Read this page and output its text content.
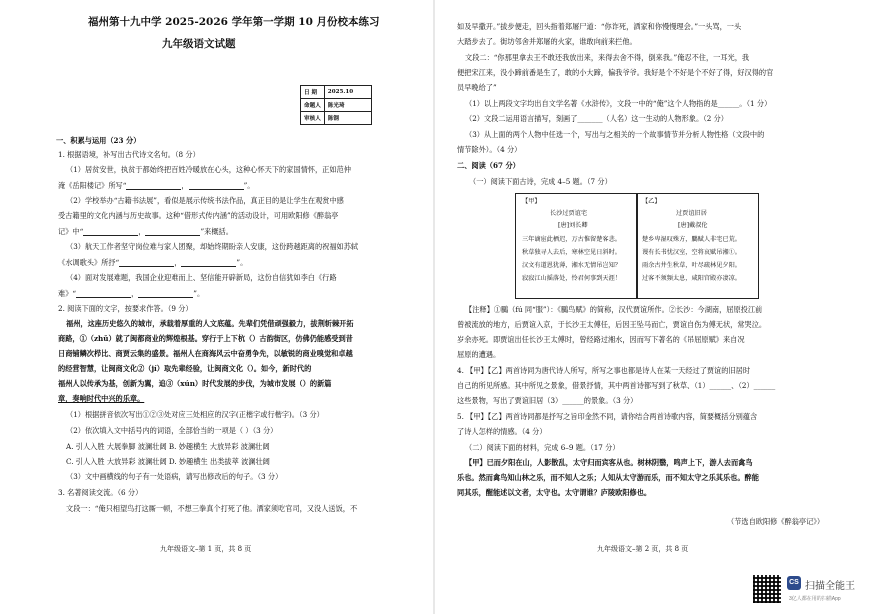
福州第十九中学 2025-2026 学年第一学期 10 月份校本练习
九年级语文试题
日 期	2025.10
命题人	陈光琦
审核人	陈钢
一、积累与运用（23 分）
1. 根据语境，补写出古代诗文名句。（8 分）
（1）居贫安世，执贫于都始终把百姓冷暖放在心头，这种心怀天下的家国情怀，正如范仲
淹《岳阳楼记》所写“	，	”。
（2）学校举办“古籍书法展”，看似是展示传统书法作品，真正目的是让学生在观赏中感
受古籍里的文化内涵与历史故事。这种“借形式传内涵”的活动设计，可用欧阳修《醉翁亭
记》中“	，	”来概括。
（3）航天工作者坚守岗位难与家人团聚，却始终期盼亲人安康，这份跨越距离的祝福如苏轼
《水调歌头》所抒“	，	”。
（4）面对发展难题，我国企业迎难而上、坚信能开辟新局，这份自信犹如李白《行路
难》“	，	”。
2. 阅读下面的文字，按要求作答。（9 分）
福州，这座历史悠久的城市，承载着厚重的人文底蕴。先辈们凭借顽强毅力，拔荆斩棘开拓
商路，①（zhǔ）就了闽都商业的辉煌根基。穿行于上下杭（）古韵街区，仿佛仍能感受到昔
日商铺鳞次栉比、商贾云集的盛景。福州人在商海风云中奋勇争先，以敏锐的商业嗅觉和卓越
的经营智慧，让闽商文化②（jí）取先辈经验，让闽商文化（）。如今，新时代的
福州人以传承为基，创新为翼，追③（xún）时代发展的步伐，为城市发展（）的新篇
章，奏响时代中兴的乐章。
（1）根据拼音依次写出①②③处对应三处相应的汉字(正楷字或行楷字)。（3 分）
（2）依次填入文中括号内的词语，全部恰当的一项是（ ）（3 分）
A. 引人入胜 大展拳脚 波澜壮阔 B. 妙趣横生 大放异彩 波澜壮阔
C. 引人入胜 大放异彩 波澜壮阔 D. 妙趣横生 出类拔萃 波澜壮阔
（3）文中画横线的句子有一处语病，请写出修改后的句子。（3 分）
3. 名著阅读交流。（6 分）
文段一：“俺只相望鸟打这厮一顿，不想三拳真个打死了他。洒家须吃官司，又没人送饭，不
九年级语文–第 1 页，共 8 页
如及早撒开。”拔步便走，回头指着郑屠尸道：“你诈死，洒家和你慢慢理会。”一头骂，一头
大踏步去了。街坊邻舍并郑屠的火家，谁敢向前来拦他。
文段二：“你那里拿去王不敢还我放出来，来得去舍不得，倒来我。”俺忍不住，一耳光，我
便把宋江来，没小蹄前番是生了，敢的小大蹄，偏我爷爷。我好是个不好是个不好了得，好汉得的官
员早晚给了”
（1）以上两段文字均出自文学名著《水浒传》，文段一中的“俺”这个人物指的是______。（1 分）
（2）文段二运用语言描写，刻画了_______（人名）这一生动的人物形象。（2 分）
（3）从上面的两个人物中任选一个，写出与之相关的一个故事情节并分析人物性格（文段中的
情节除外）。（4 分）
二、阅读（67 分）
（一）阅读下面古诗，完成 4–5 题。（7 分）
【甲】
长沙过贾谊宅
[唐]刘长卿
三年谪宦此栖迟，万古惟留楚客悲。
秋草独寻人去后，寒林空见日斜时。
汉文有道恩犹薄，湘水无情吊岂知？
寂寂江山摇落处，怜君何事到天涯！
【乙】
过贾谊旧居
[唐]戴叔伦
楚乡卑湿叹殊方，鵩赋人非宅已荒。
谩有长书忧汉室，空将哀赋吊湘①。
雨余古井生秋草，叶尽疏林见夕阳。
过客不须频太息，咸阳宫殿亦凄凉。
【注释】①鵩（fú 同“服”）：《鵩鸟赋》的简称，汉代贾谊所作。②长沙：今湖南，屈原投江前
曾被流放的地方，后贾谊入京，于长沙王太傅任，后因王坠马而亡，贾谊自伤为傅无状，常哭泣。
岁余亦死。即贾谊出任长沙王太傅时，曾经路过湘水，因而写下著名的《吊屈原赋》来自况
屈原的遭遇。
4. 【甲】【乙】两首诗同为唐代诗人所写，所写之事也都是诗人在某一天经过了贾谊的旧居时
自己的所见所感。其中所见之景象，借景抒情，其中两首诗都写到了秋草、（1）______、（2）______
这些景物，写出了贾谊旧居（3）______的景象。（3 分）
5. 【甲】【乙】两首诗同都是抒写之旨印金然不同，请你结合两首诗歌内容，简要概括分别蕴含
了诗人怎样的情感。（4 分）
（二）阅读下面的材料，完成 6–9 题。（17 分）
【甲】已而夕阳在山，人影散乱，太守归而宾客从也。树林阴翳，鸣声上下，游人去而禽鸟
乐也。然而禽鸟知山林之乐，而不知人之乐；人知从太守游而乐，而不知太守之乐其乐也。醉能
同其乐，醒能述以文者，太守也。太守谓谁？庐陵欧阳修也。
（节选自欧阳修《醉翁亭记》）
九年级语文–第 2 页，共 8 页
CS 扫描全能王
3亿人都在用的扫描App
